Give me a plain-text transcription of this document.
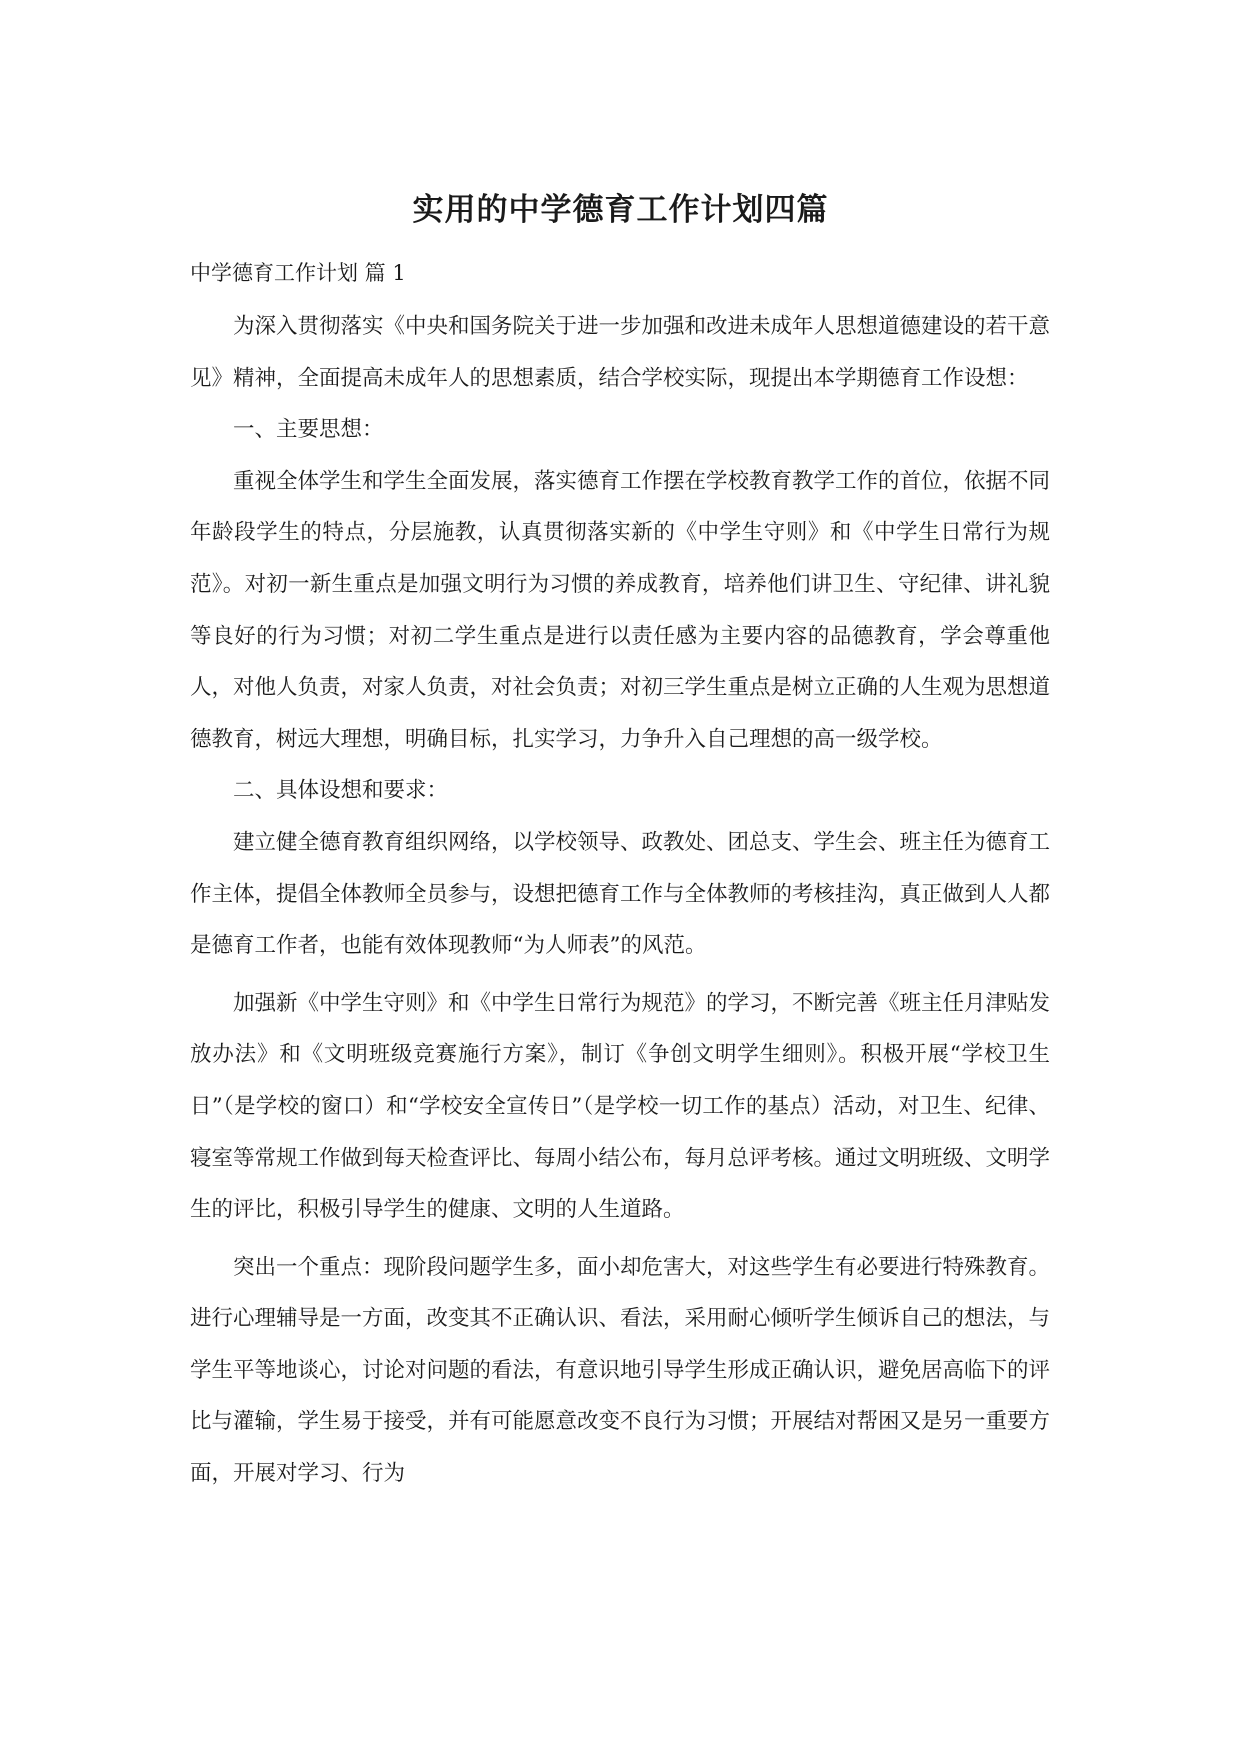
实用的中学德育工作计划四篇
中学德育工作计划 篇 1

为深入贯彻落实《中央和国务院关于进一步加强和改进未成年人思想道德建设的若干意见》精神，全面提高未成年人的思想素质，结合学校实际，现提出本学期德育工作设想：

一、主要思想：

重视全体学生和学生全面发展，落实德育工作摆在学校教育教学工作的首位，依据不同年龄段学生的特点，分层施教，认真贯彻落实新的《中学生守则》和《中学生日常行为规范》。对初一新生重点是加强文明行为习惯的养成教育，培养他们讲卫生、守纪律、讲礼貌等良好的行为习惯；对初二学生重点是进行以责任感为主要内容的品德教育，学会尊重他人，对他人负责，对家人负责，对社会负责；对初三学生重点是树立正确的人生观为思想道德教育，树远大理想，明确目标，扎实学习，力争升入自己理想的高一级学校。

二、具体设想和要求：

建立健全德育教育组织网络，以学校领导、政教处、团总支、学生会、班主任为德育工作主体，提倡全体教师全员参与，设想把德育工作与全体教师的考核挂沟，真正做到人人都是德育工作者，也能有效体现教师“为人师表”的风范。

加强新《中学生守则》和《中学生日常行为规范》的学习，不断完善《班主任月津贴发放办法》和《文明班级竞赛施行方案》，制订《争创文明学生细则》。积极开展“学校卫生日”（是学校的窗口）和“学校安全宣传日”（是学校一切工作的基点）活动，对卫生、纪律、寝室等常规工作做到每天检查评比、每周小结公布，每月总评考核。通过文明班级、文明学生的评比，积极引导学生的健康、文明的人生道路。

突出一个重点：现阶段问题学生多，面小却危害大，对这些学生有必要进行特殊教育。进行心理辅导是一方面，改变其不正确认识、看法，采用耐心倾听学生倾诉自己的想法，与学生平等地谈心，讨论对问题的看法，有意识地引导学生形成正确认识，避免居高临下的评比与灌输，学生易于接受，并有可能愿意改变不良行为习惯；开展结对帮困又是另一重要方面，开展对学习、行为
